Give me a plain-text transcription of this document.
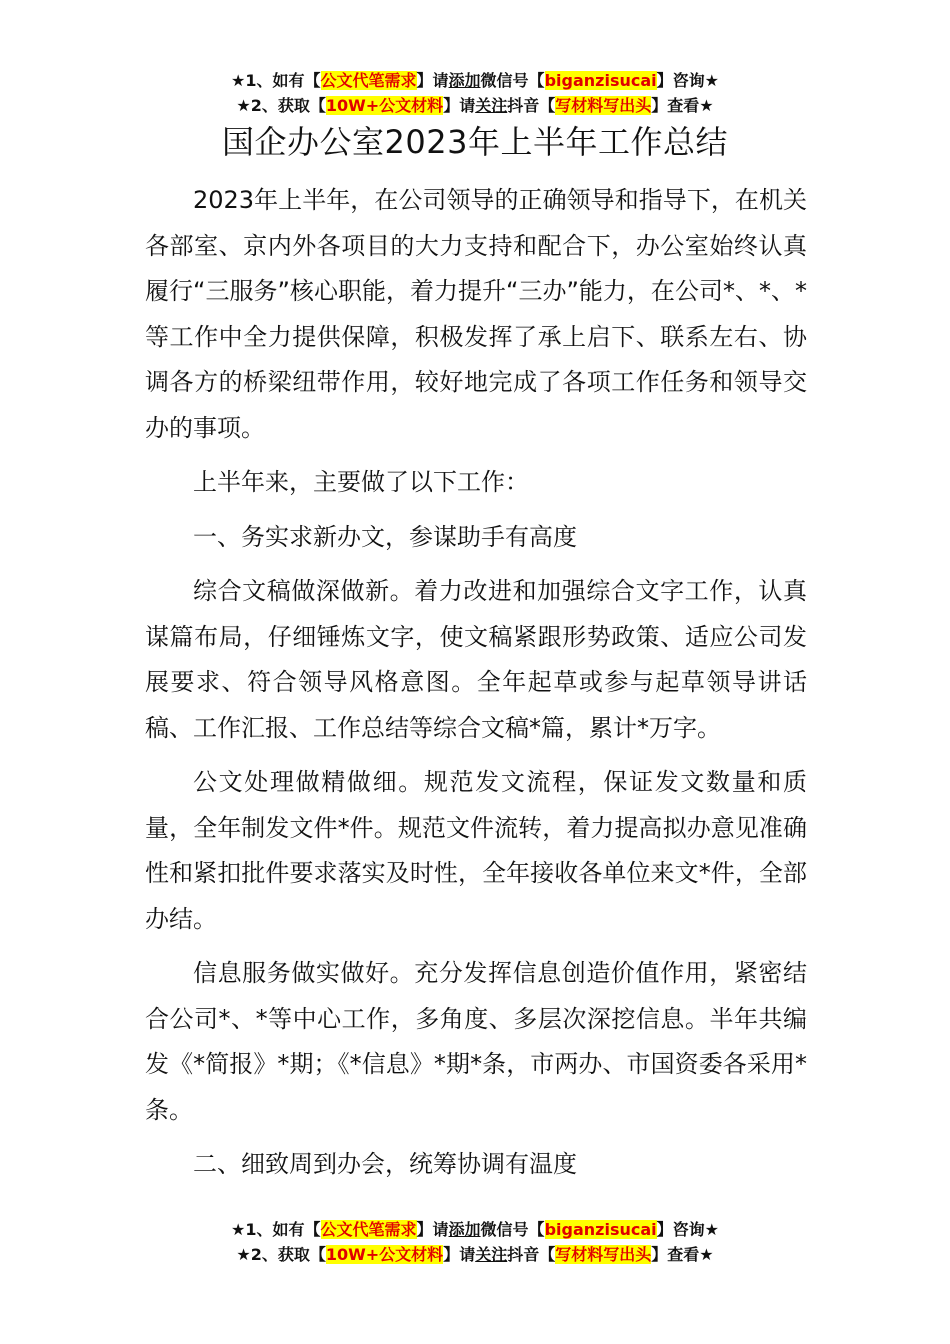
★1、如有【公文代笔需求】请添加微信号【biganzisucai】咨询★
★2、获取【10W+公文材料】请关注抖音【写材料写出头】查看★
国企办公室2023年上半年工作总结

2023年上半年，在公司领导的正确领导和指导下，在机关各部室、京内外各项目的大力支持和配合下，办公室始终认真履行“三服务”核心职能，着力提升“三办”能力，在公司*、*、*等工作中全力提供保障，积极发挥了承上启下、联系左右、协调各方的桥梁纽带作用，较好地完成了各项工作任务和领导交办的事项。

上半年来，主要做了以下工作：

一、务实求新办文，参谋助手有高度

综合文稿做深做新。着力改进和加强综合文字工作，认真谋篇布局，仔细锤炼文字，使文稿紧跟形势政策、适应公司发展要求、符合领导风格意图。全年起草或参与起草领导讲话稿、工作汇报、工作总结等综合文稿*篇，累计*万字。

公文处理做精做细。规范发文流程，保证发文数量和质量，全年制发文件*件。规范文件流转，着力提高拟办意见准确性和紧扣批件要求落实及时性，全年接收各单位来文*件，全部办结。

信息服务做实做好。充分发挥信息创造价值作用，紧密结合公司*、*等中心工作，多角度、多层次深挖信息。半年共编发《*简报》*期；《*信息》*期*条，市两办、市国资委各采用*条。

二、细致周到办会，统筹协调有温度

★1、如有【公文代笔需求】请添加微信号【biganzisucai】咨询★
★2、获取【10W+公文材料】请关注抖音【写材料写出头】查看★
